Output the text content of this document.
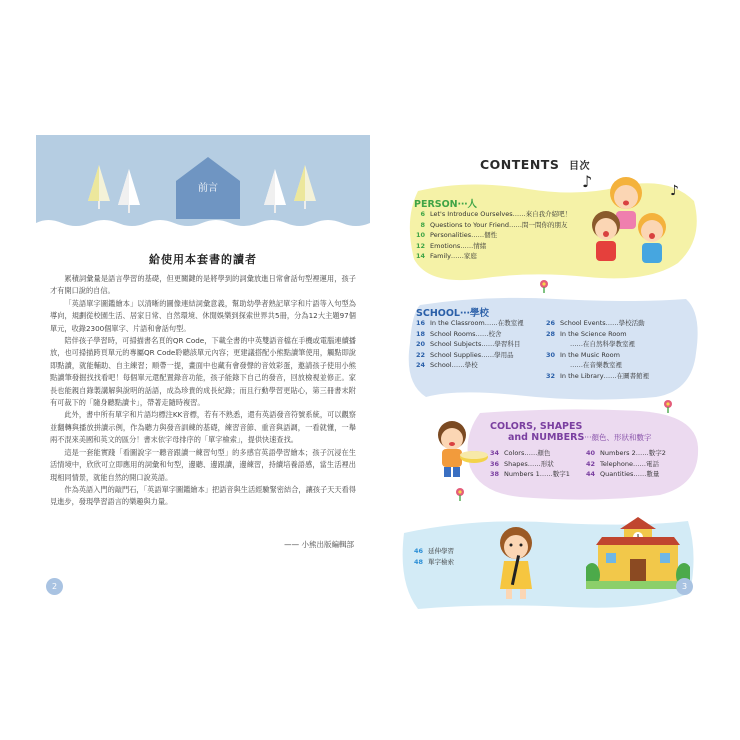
前言
給使用本套書的讀者

累積詞彙量是語言學習的基礎，但更關鍵的是將學到的詞彙放進日常會話句型裡運用，孩子才有開口說的自信。

「英語單字圖鑑繪本」以清晰的圖像連結詞彙意義，幫助幼學者熟記單字和片語等入句型為導向，規劃從校園生活、居家日常、自然環境、休閒娛樂到探索世界共5冊，分為12大主題97個單元，收錄2300個單字、片語和會話句型。

陪伴孩子學習時，可掃描書名頁的QR Code，下載全書的中英雙語音檔在手機或電腦連續播放，也可掃描跨頁單元的專屬QR Code聆聽該單元內容；更建議搭配小熊點讀筆使用，觸點即說即點讀，就能輔助、自主練習；順帶一提，畫面中也藏有會發聲的音效彩蛋，邀請孩子使用小熊點讀筆發掘找找看吧！每個單元還配置錄音功能，孩子能錄下自己的發音，回放檢視並修正。家長也能親自錄製講解與說明的話語，成為珍貴的成長紀錄；而且行動學習更貼心，第三冊書末附有可裁下的「隨身聽點讀卡」，帶著走隨時複習。

此外，書中所有單字和片語均標注KK音標，若有不熟悉，還有英語發音符號系統，可以觀察並翻轉與播放拼讀示例，作為聽力與發音訓練的基礎，練習音節、重音與語調，一看就懂，一舉兩不混來美國和英文的區分！書末依字母排序的「單字檢索」，提供快速查找。

這是一套能實踐「看圖說字一聽音跟讀一練習句型」的多感官英語學習繪本；孩子沉浸在生活情境中，欣欣可立即應用的詞彙和句型，邊聽、邊跟讀，邊練習，持續培養語感，當生活裡出現相同情景，就能自然的開口說英語。

作為英語入門的敲門石，「英語單字圖鑑繪本」把語音與生活經驗緊密結合，讓孩子天天看得見進步，發現學習語言的樂趣與力量。

—— 小熊出版編輯部
2
CONTENTS 目次
PERSON‧‧‧人
6 Let's Introduce Ourselves……來自我介紹吧！
8 Questions to Your Friend……問一問你的朋友
10 Personalities……個性
12 Emotions……情緒
14 Family……家庭
♪	♪
SCHOOL‧‧‧學校
16 In the Classroom……在教室裡
18 School Rooms……校舍
20 School Subjects……學習科目
22 School Supplies……學用品
24 School……學校
26 School Events……學校活動
28 In the Science Room
……在自然科學教室裡
30 In the Music Room
……在音樂教室裡
32 In the Library……在圖書館裡
COLORS, SHAPES
and NUMBERS‧‧‧顏色、形狀和數字
34 Colors……顏色
36 Shapes……形狀
38 Numbers 1……數字1
40 Numbers 2……數字2
42 Telephone……電話
44 Quantities……數量
46 延伸學習
48 單字檢索
3
